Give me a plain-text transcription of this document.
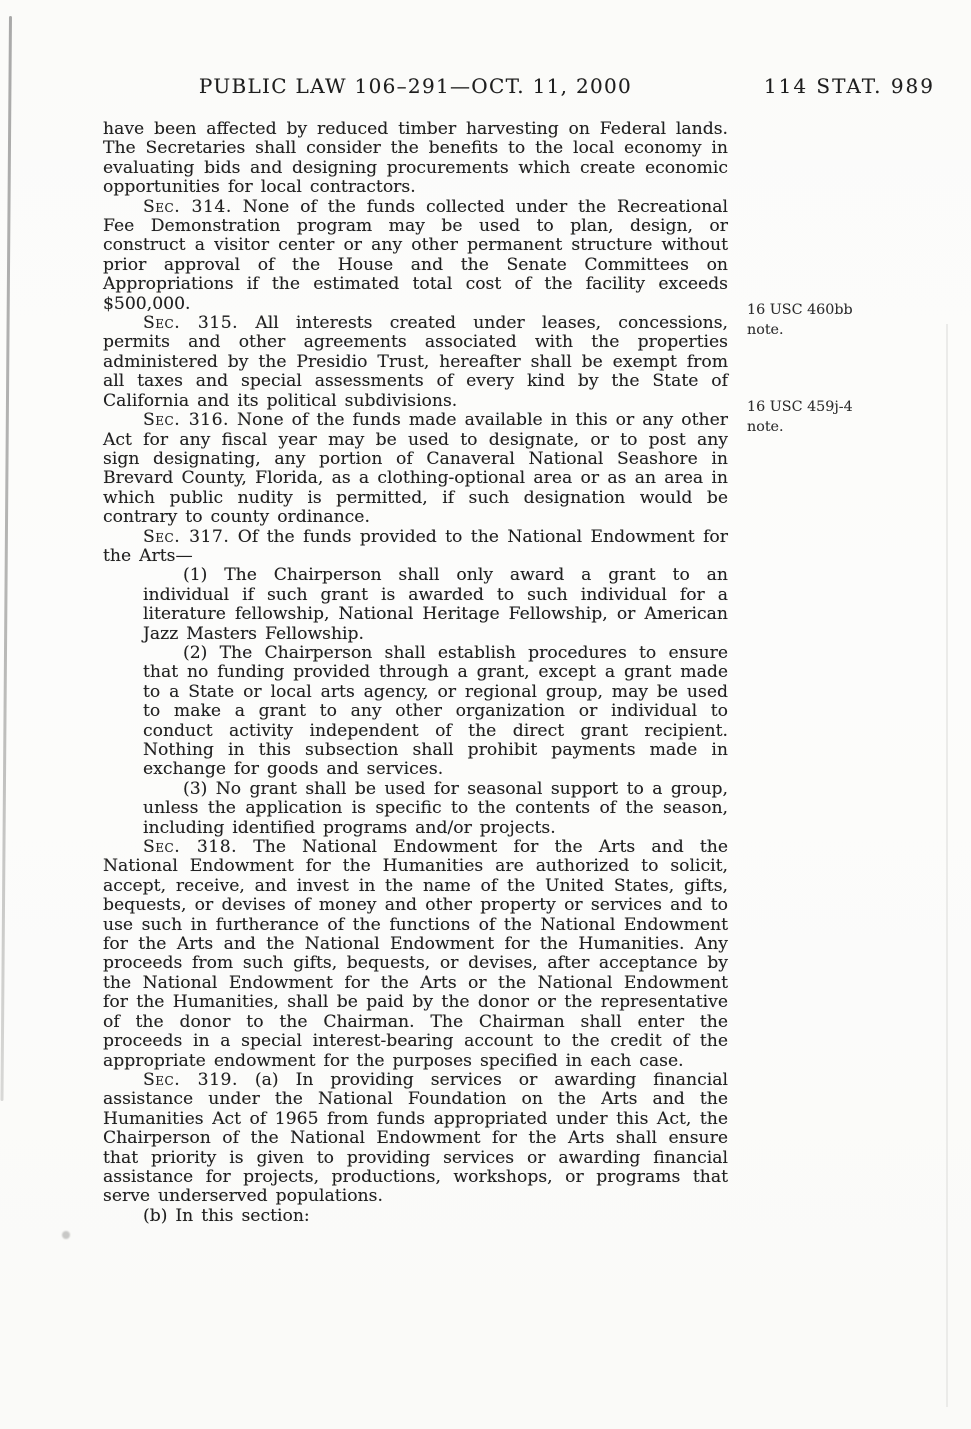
PUBLIC LAW 106–291—OCT. 11, 2000	114 STAT. 989

have been affected by reduced timber harvesting on Federal lands. The Secretaries shall consider the benefits to the local economy in evaluating bids and designing procurements which create economic opportunities for local contractors.

Sec. 314. None of the funds collected under the Recreational Fee Demonstration program may be used to plan, design, or construct a visitor center or any other permanent structure without prior approval of the House and the Senate Committees on Appropriations if the estimated total cost of the facility exceeds $500,000.

Sec. 315. All interests created under leases, concessions, permits and other agreements associated with the properties administered by the Presidio Trust, hereafter shall be exempt from all taxes and special assessments of every kind by the State of California and its political subdivisions.

Sec. 316. None of the funds made available in this or any other Act for any fiscal year may be used to designate, or to post any sign designating, any portion of Canaveral National Seashore in Brevard County, Florida, as a clothing-optional area or as an area in which public nudity is permitted, if such designation would be contrary to county ordinance.

Sec. 317. Of the funds provided to the National Endowment for the Arts—

(1) The Chairperson shall only award a grant to an individual if such grant is awarded to such individual for a literature fellowship, National Heritage Fellowship, or American Jazz Masters Fellowship.

(2) The Chairperson shall establish procedures to ensure that no funding provided through a grant, except a grant made to a State or local arts agency, or regional group, may be used to make a grant to any other organization or individual to conduct activity independent of the direct grant recipient. Nothing in this subsection shall prohibit payments made in exchange for goods and services.

(3) No grant shall be used for seasonal support to a group, unless the application is specific to the contents of the season, including identified programs and/or projects.

Sec. 318. The National Endowment for the Arts and the National Endowment for the Humanities are authorized to solicit, accept, receive, and invest in the name of the United States, gifts, bequests, or devises of money and other property or services and to use such in furtherance of the functions of the National Endowment for the Arts and the National Endowment for the Humanities. Any proceeds from such gifts, bequests, or devises, after acceptance by the National Endowment for the Arts or the National Endowment for the Humanities, shall be paid by the donor or the representative of the donor to the Chairman. The Chairman shall enter the proceeds in a special interest-bearing account to the credit of the appropriate endowment for the purposes specified in each case.

Sec. 319. (a) In providing services or awarding financial assistance under the National Foundation on the Arts and the Humanities Act of 1965 from funds appropriated under this Act, the Chairperson of the National Endowment for the Arts shall ensure that priority is given to providing services or awarding financial assistance for projects, productions, workshops, or programs that serve underserved populations.

(b) In this section:

16 USC 460bb
note.
16 USC 459j-4
note.
